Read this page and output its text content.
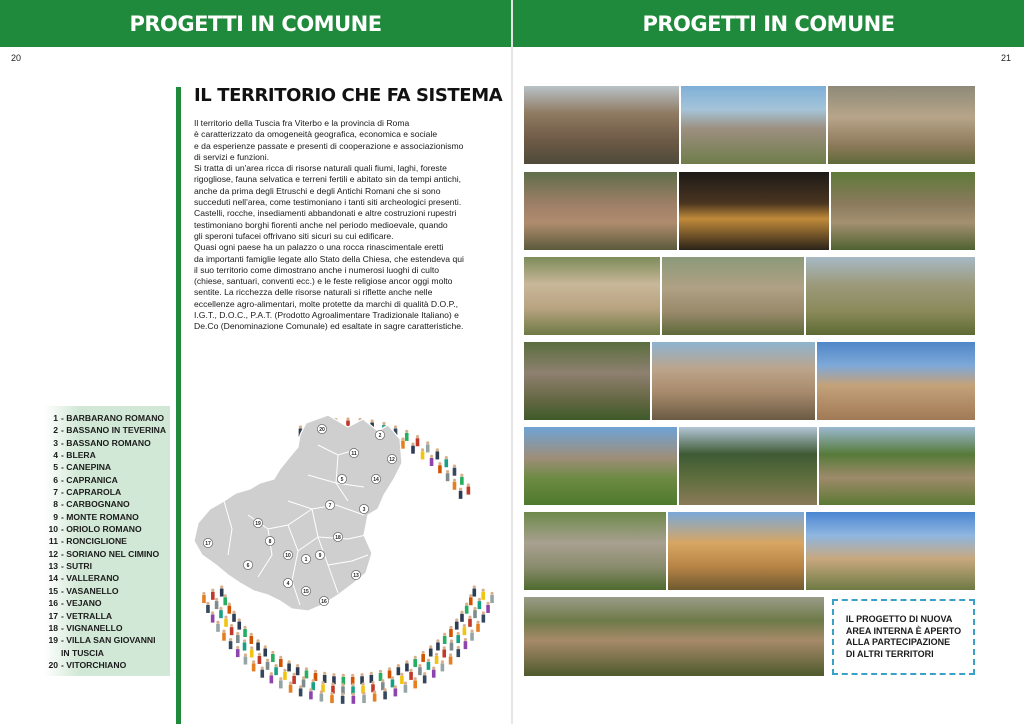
PROGETTI IN COMUNE	PROGETTI IN COMUNE
20	21
IL TERRITORIO CHE FA SISTEMA

Il territorio della Tuscia fra Viterbo e la provincia di Roma
è caratterizzato da omogeneità geografica, economica e sociale
e da esperienze passate e presenti di cooperazione e associazionismo
di servizi e funzioni.

Si tratta di un'area ricca di risorse naturali quali fiumi, laghi, foreste
rigogliose, fauna selvatica e terreni fertili e abitato sin da tempi antichi,
anche da prima degli Etruschi e degli Antichi Romani che si sono
succeduti nell'area, come testimoniano i tanti siti archeologici presenti.
Castelli, rocche, insediamenti abbandonati e altre costruzioni rupestri
testimoniano borghi fiorenti anche nel periodo medioevale, quando
gli speroni tufacei offrivano siti sicuri su cui edificare.

Quasi ogni paese ha un palazzo o una rocca rinascimentale eretti
da importanti famiglie legate allo Stato della Chiesa, che estendeva qui
il suo territorio come dimostrano anche i numerosi luoghi di culto
(chiese, santuari, conventi ecc.) e le feste religiose ancor oggi molto
sentite. La ricchezza delle risorse naturali si riflette anche nelle
eccellenze agro-alimentari, molte protette da marchi di qualità D.O.P.,
I.G.T., D.O.C., P.A.T. (Prodotto Agroalimentare Tradizionale Italiano) e
De.Co (Denominazione Comunale) ed esaltate in sagre caratteristiche.

1 - BARBARANO ROMANO
2 - BASSANO IN TEVERINA
3 - BASSANO ROMANO
4 - BLERA
5 - CANEPINA
6 - CAPRANICA
7 - CAPRAROLA
8 - CARBOGNANO
9 - MONTE ROMANO
10 - ORIOLO ROMANO
11 - RONCIGLIONE
12 - SORIANO NEL CIMINO
13 - SUTRI
14 - VALLERANO
15 - VASANELLO
16 - VEJANO
17 - VETRALLA
18 - VIGNANELLO
19 - VILLA SAN GIOVANNI
IN TUSCIA
20 - VITORCHIANO
20
2
11
12
5	14
7
3
19
8
10
1
6
9
13
4
15
16
17
18

IL PROGETTO DI NUOVA
AREA INTERNA È APERTO
ALLA PARTECIPAZIONE
DI ALTRI TERRITORI
